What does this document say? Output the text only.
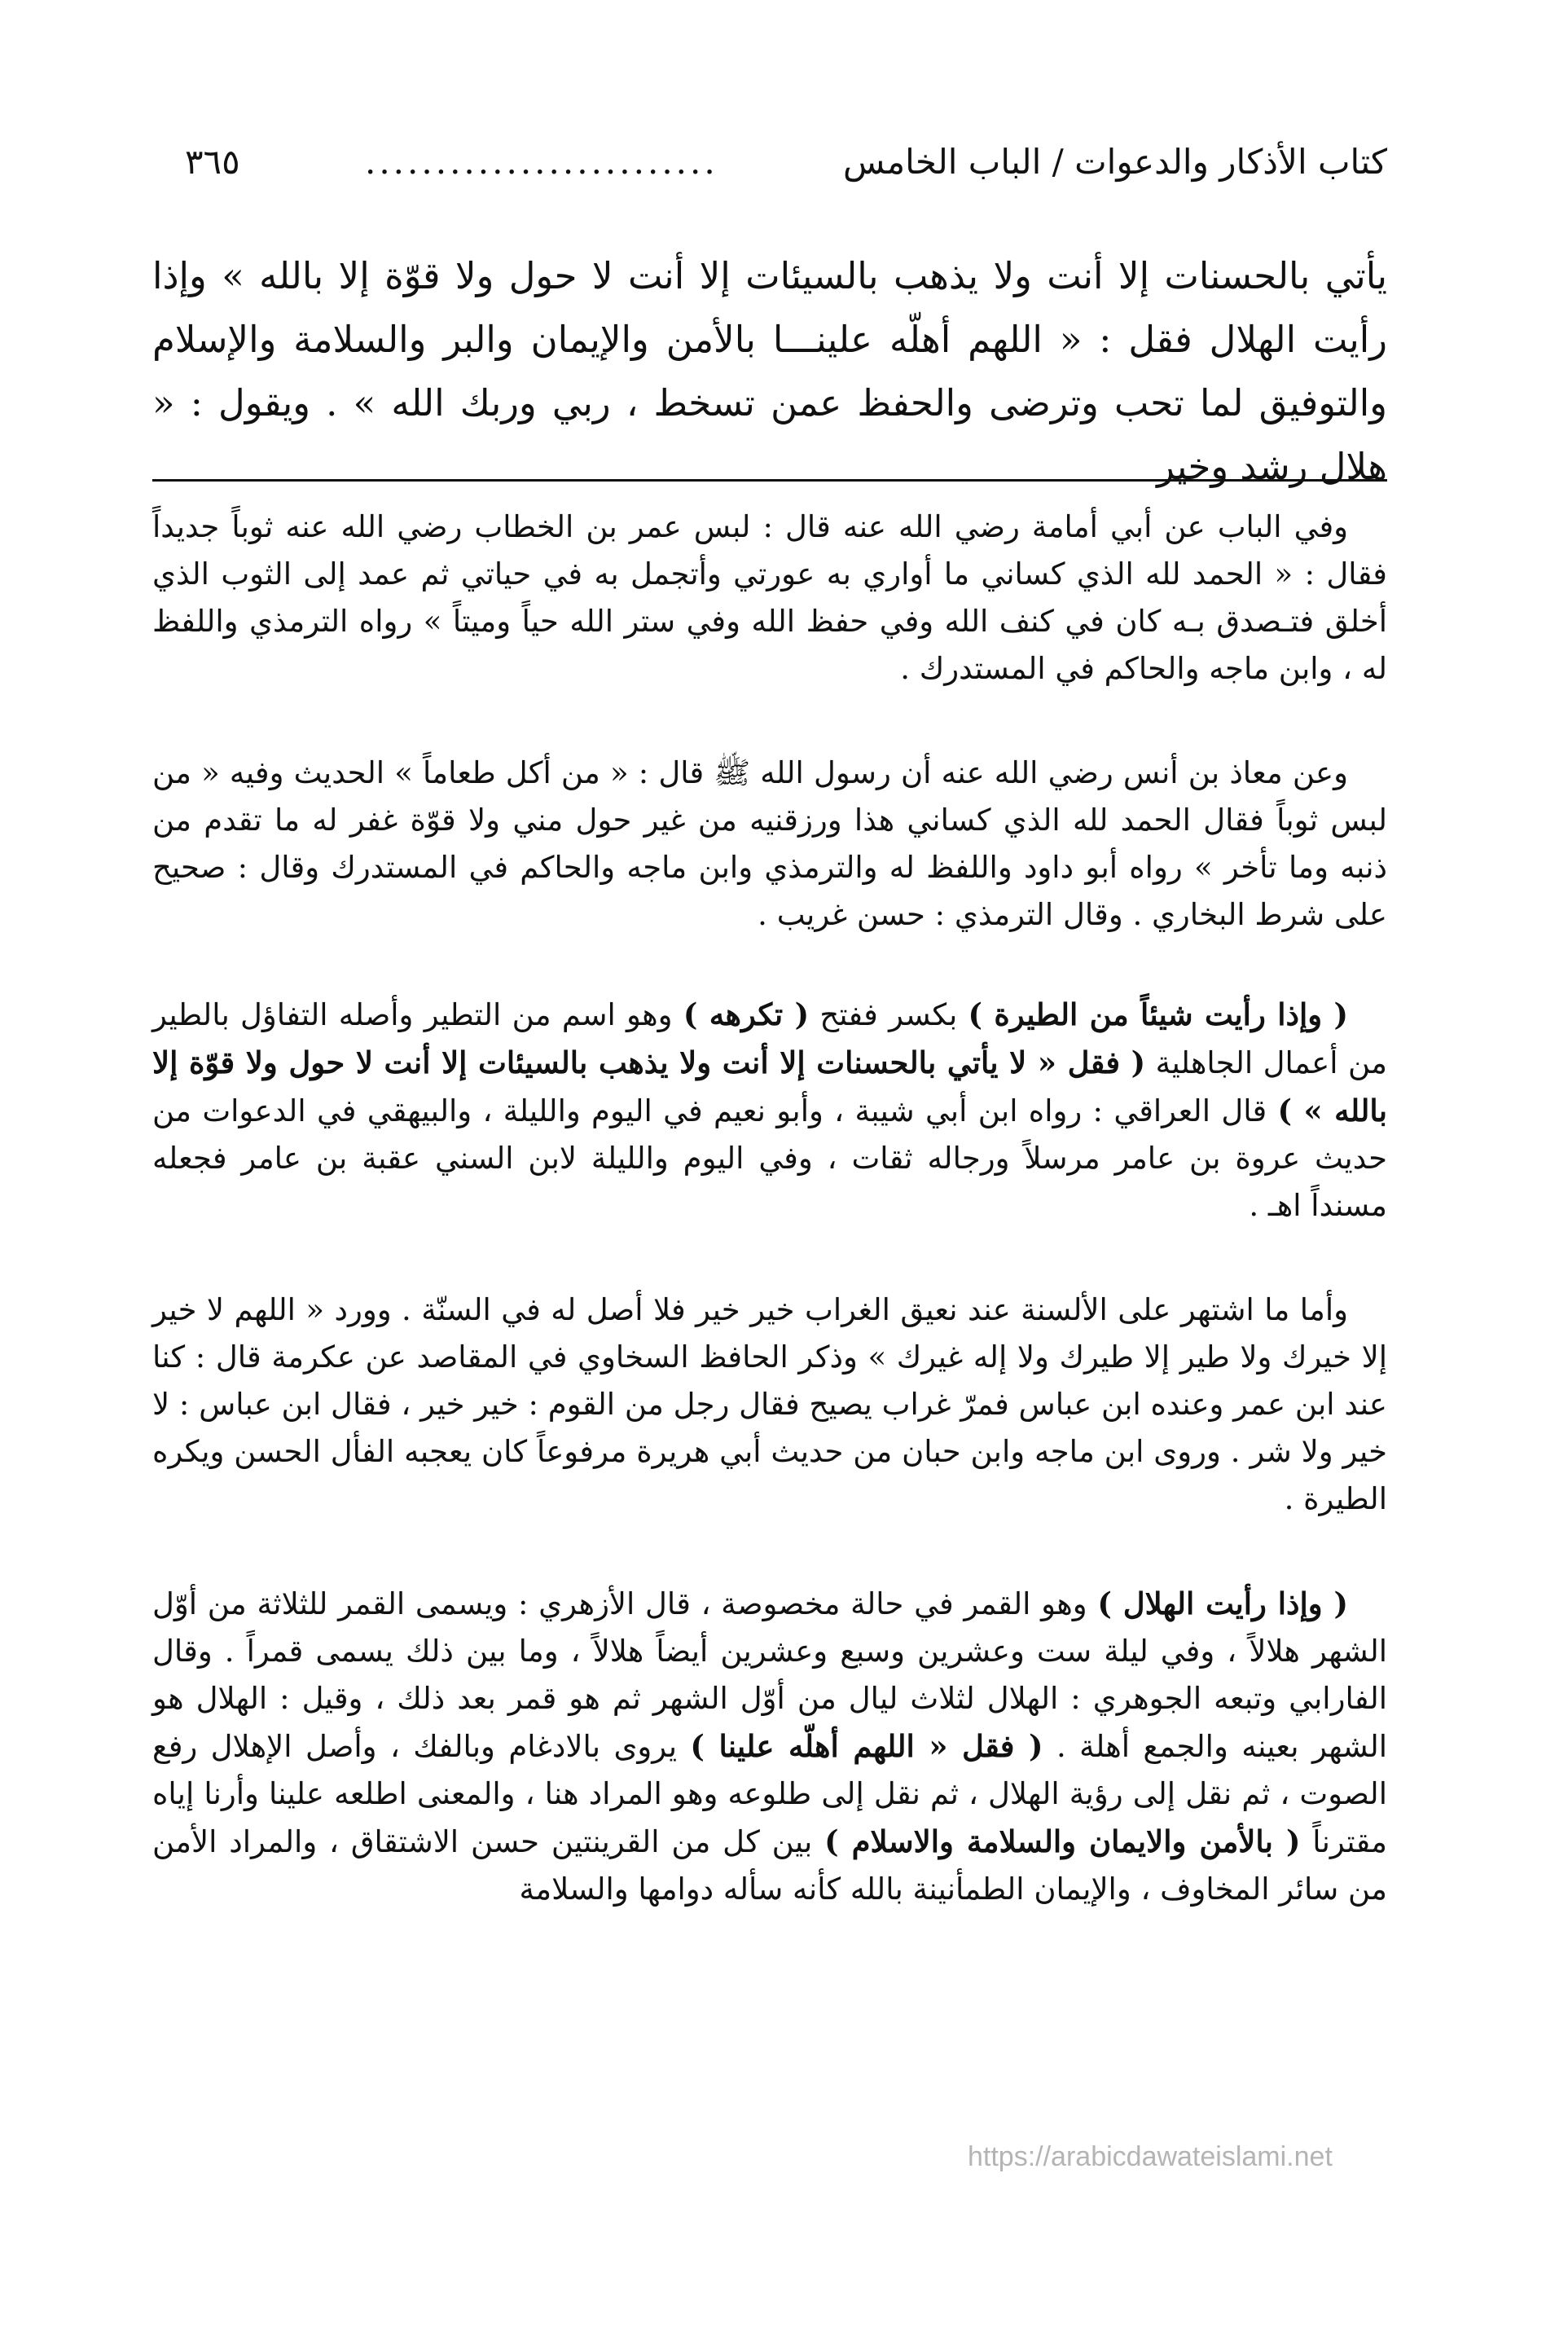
كتاب الأذكار والدعوات / الباب الخامس
.........................
٣٦٥

يأتي بالحسنات إلا أنت ولا يذهب بالسيئات إلا أنت لا حول ولا قوّة إلا بالله » وإذا رأيت الهلال فقل : « اللهم أهلّه علينـــا بالأمن والإيمان والبر والسلامة والإسلام والتوفيق لما تحب وترضى والحفظ عمن تسخط ، ربي وربك الله » . ويقول : « هلال رشد وخير

وفي الباب عن أبي أمامة رضي الله عنه قال : لبس عمر بن الخطاب رضي الله عنه ثوباً جديداً فقال : « الحمد لله الذي كساني ما أواري به عورتي وأتجمل به في حياتي ثم عمد إلى الثوب الذي أخلق فتـصدق بـه كان في كنف الله وفي حفظ الله وفي ستر الله حياً وميتاً » رواه الترمذي واللفظ له ، وابن ماجه والحاكم في المستدرك .

وعن معاذ بن أنس رضي الله عنه أن رسول الله ﷺ قال : « من أكل طعاماً » الحديث وفيه « من لبس ثوباً فقال الحمد لله الذي كساني هذا ورزقنيه من غير حول مني ولا قوّة غفر له ما تقدم من ذنبه وما تأخر » رواه أبو داود واللفظ له والترمذي وابن ماجه والحاكم في المستدرك وقال : صحيح على شرط البخاري . وقال الترمذي : حسن غريب .

( وإذا رأيت شيئاً من الطيرة ) بكسر ففتح ( تكرهه ) وهو اسم من التطير وأصله التفاؤل بالطير من أعمال الجاهلية ( فقل « لا يأتي بالحسنات إلا أنت ولا يذهب بالسيئات إلا أنت لا حول ولا قوّة إلا بالله » ) قال العراقي : رواه ابن أبي شيبة ، وأبو نعيم في اليوم والليلة ، والبيهقي في الدعوات من حديث عروة بن عامر مرسلاً ورجاله ثقات ، وفي اليوم والليلة لابن السني عقبة بن عامر فجعله مسنداً اهـ .

وأما ما اشتهر على الألسنة عند نعيق الغراب خير خير فلا أصل له في السنّة . وورد « اللهم لا خير إلا خيرك ولا طير إلا طيرك ولا إله غيرك » وذكر الحافظ السخاوي في المقاصد عن عكرمة قال : كنا عند ابن عمر وعنده ابن عباس فمرّ غراب يصيح فقال رجل من القوم : خير خير ، فقال ابن عباس : لا خير ولا شر . وروى ابن ماجه وابن حبان من حديث أبي هريرة مرفوعاً كان يعجبه الفأل الحسن ويكره الطيرة .

( وإذا رأيت الهلال ) وهو القمر في حالة مخصوصة ، قال الأزهري : ويسمى القمر للثلاثة من أوّل الشهر هلالاً ، وفي ليلة ست وعشرين وسبع وعشرين أيضاً هلالاً ، وما بين ذلك يسمى قمراً . وقال الفارابي وتبعه الجوهري : الهلال لثلاث ليال من أوّل الشهر ثم هو قمر بعد ذلك ، وقيل : الهلال هو الشهر بعينه والجمع أهلة . ( فقل « اللهم أهلّه علينا ) يروى بالادغام وبالفك ، وأصل الإهلال رفع الصوت ، ثم نقل إلى رؤية الهلال ، ثم نقل إلى طلوعه وهو المراد هنا ، والمعنى اطلعه علينا وأرنا إياه مقترناً ( بالأمن والايمان والسلامة والاسلام ) بين كل من القرينتين حسن الاشتقاق ، والمراد الأمن من سائر المخاوف ، والإيمان الطمأنينة بالله كأنه سأله دوامها والسلامة

https://arabicdawateislami.net
